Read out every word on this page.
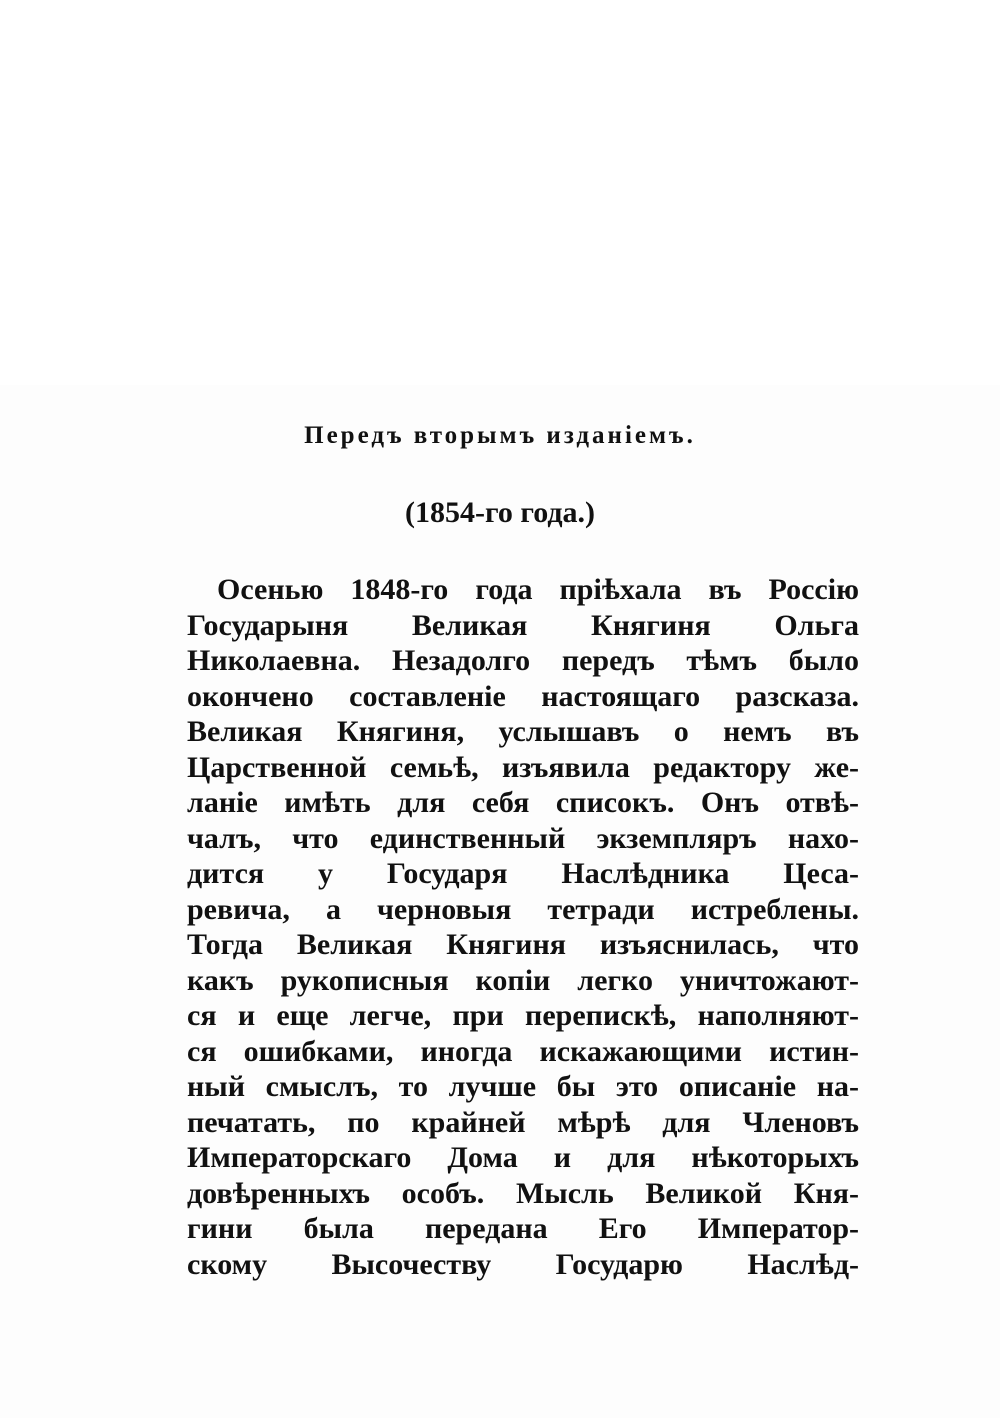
Передъ вторымъ изданіемъ.
(1854-го года.)
Осенью 1848-го года пріѣхала въ Россію
Государыня Великая Княгиня Ольга
Николаевна. Незадолго передъ тѣмъ было
окончено составленіе настоящаго разсказа.
Великая Княгиня, услышавъ о немъ въ
Царственной семьѣ, изъявила редактору же-
ланіе имѣть для себя списокъ. Онъ отвѣ-
чалъ, что единственный экземпляръ нахо-
дится у Государя Наслѣдника Цеса-
ревича, а черновыя тетради истреблены.
Тогда Великая Княгиня изъяснилась, что
какъ рукописныя копіи легко уничтожают-
ся и еще легче, при перепискѣ, наполняют-
ся ошибками, иногда искажающими истин-
ный смыслъ, то лучше бы это описаніе на-
печатать, по крайней мѣрѣ для Членовъ
Императорскаго Дома и для нѣкоторыхъ
довѣренныхъ особъ. Мысль Великой Кня-
гини была передана Его Император-
скому Высочеству Государю Наслѣд-
